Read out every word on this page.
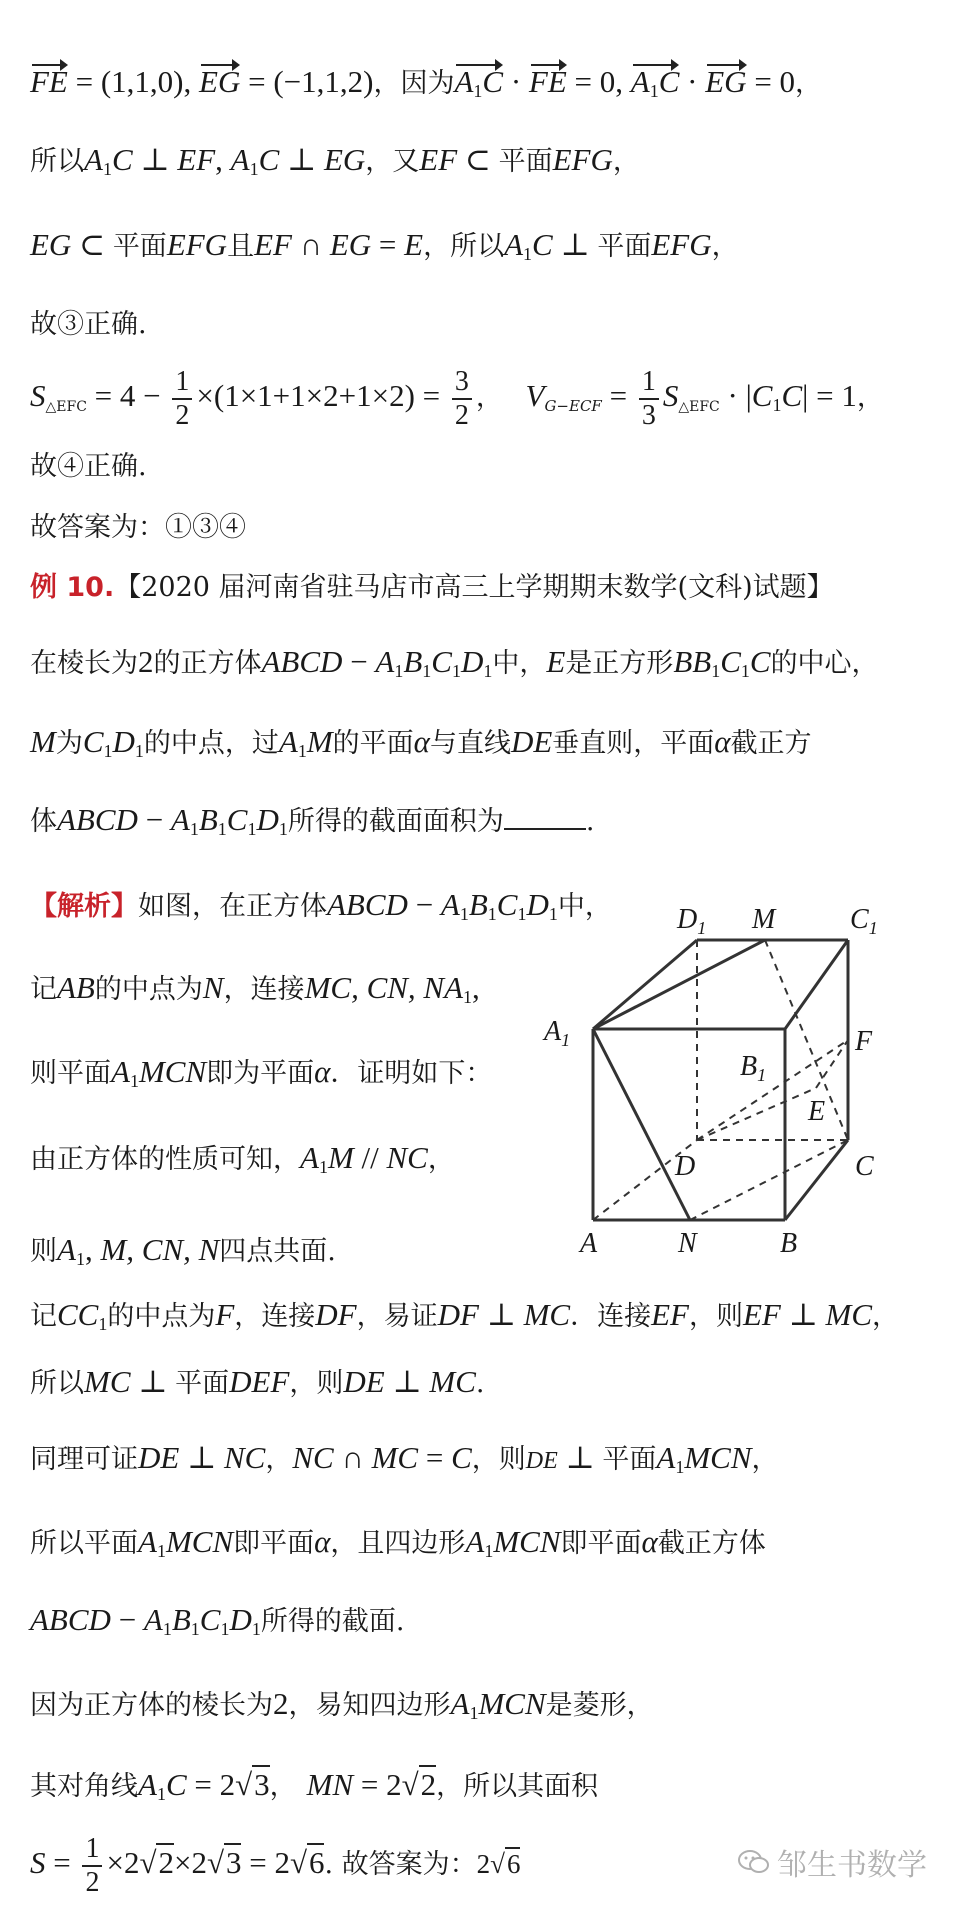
FE = (1,1,0), EG = (−1,1,2)，因为$A_1C$ · FE = 0, $A_1C$ · EG = 0，
所以$A_1C$ ⊥ EF, $A_1C$ ⊥ EG，又EF ⊂ 平面EFG，
EG ⊂ 平面EFG且EF ∩ EG = E，所以$A_1C$ ⊥ 平面EFG，
故③正确.
$S_{\triangle EFC} = 4 - \frac{1}{2} \times(1\times 1+1\times 2+1\times 2) = \frac{3}{2}$ ， $V_{G-ECF} = \frac{1}{3} S_{\triangle EFC} \cdot |C_1C| = 1$，
故④正确.
故答案为：①③④
例 10.【2020 届河南省驻马店市高三上学期期末数学(文科)试题】
在棱长为2的正方体ABCD − $A_1B_1C_1D_1$中，E是正方形$BB_1C_1C$的中心，
M为$C_1D_1$的中点，过$A_1M$的平面α与直线DE垂直则，平面α截正方
体ABCD − $A_1B_1C_1D_1$所得的截面面积为	.
【解析】如图，在正方体ABCD − $A_1B_1C_1D_1$中，
记AB的中点为N，连接MC, CN, $NA_1$,
则平面$A_1MCN$即为平面α．证明如下：
由正方体的性质可知，$A_1M$ // NC，
则$A_1$, M, CN, N四点共面.
$D_1$ M	$C_1$
$A_1$
$B_1$
F
E
D	C
A	N	B
记$CC_1$的中点为F，连接DF，易证DF ⊥ MC．连接EF，则EF ⊥ MC，
所以MC ⊥ 平面DEF，则DE ⊥ MC.
同理可证DE ⊥ NC，NC ∩ MC = C，则DE ⊥ 平面$A_1MCN$，
所以平面$A_1MCN$即平面α，且四边形$A_1MCN$即平面α截正方体
ABCD − $A_1B_1C_1D_1$所得的截面.
因为正方体的棱长为2，易知四边形$A_1MCN$是菱形，
其对角线$A_1C = 2√3$， MN = 2√2，所以其面积
$S = \frac{1}{2} \times 2√2\times 2√3 = 2√6$. 故答案为：2√6	邹生书数学
